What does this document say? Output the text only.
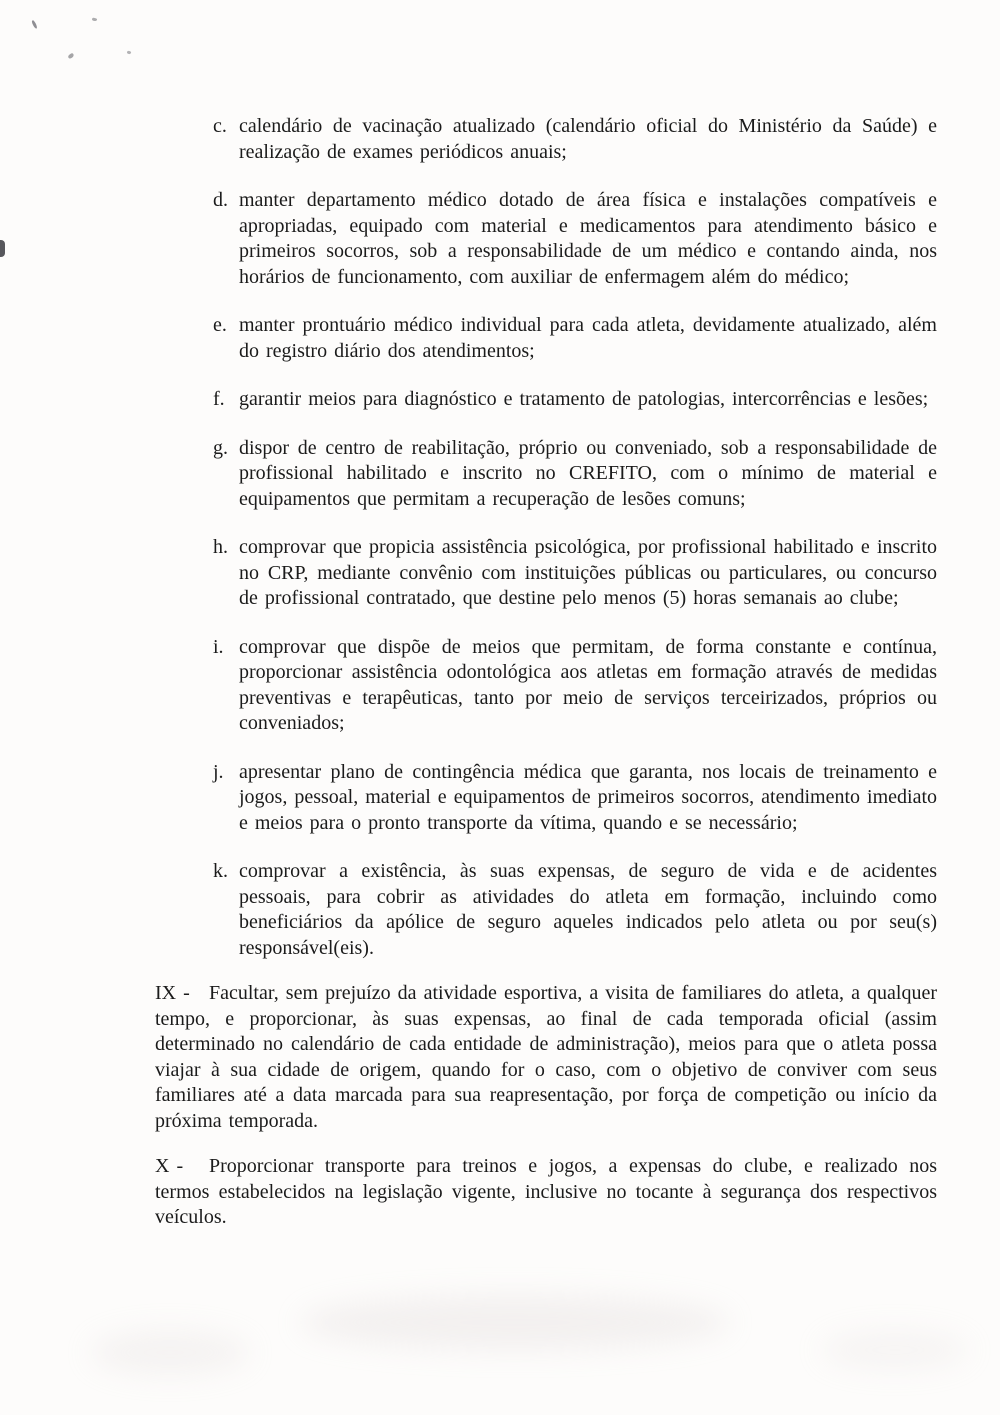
c. calendário de vacinação atualizado (calendário oficial do Ministério da Saúde) e realização de exames periódicos anuais;
d. manter departamento médico dotado de área física e instalações compatíveis e apropriadas, equipado com material e medicamentos para atendimento básico e primeiros socorros, sob a responsabilidade de um médico e contando ainda, nos horários de funcionamento, com auxiliar de enfermagem além do médico;
e. manter prontuário médico individual para cada atleta, devidamente atualizado, além do registro diário dos atendimentos;
f. garantir meios para diagnóstico e tratamento de patologias, intercorrências e lesões;
g. dispor de centro de reabilitação, próprio ou conveniado, sob a responsabilidade de profissional habilitado e inscrito no CREFITO, com o mínimo de material e equipamentos que permitam a recuperação de lesões comuns;
h. comprovar que propicia assistência psicológica, por profissional habilitado e inscrito no CRP, mediante convênio com instituições públicas ou particulares, ou concurso de profissional contratado, que destine pelo menos (5) horas semanais ao clube;
i. comprovar que dispõe de meios que permitam, de forma constante e contínua, proporcionar assistência odontológica aos atletas em formação através de medidas preventivas e terapêuticas, tanto por meio de serviços terceirizados, próprios ou conveniados;
j. apresentar plano de contingência médica que garanta, nos locais de treinamento e jogos, pessoal, material e equipamentos de primeiros socorros, atendimento imediato e meios para o pronto transporte da vítima, quando e se necessário;
k. comprovar a existência, às suas expensas, de seguro de vida e de acidentes pessoais, para cobrir as atividades do atleta em formação, incluindo como beneficiários da apólice de seguro aqueles indicados pelo atleta ou por seu(s) responsável(eis).

IX - Facultar, sem prejuízo da atividade esportiva, a visita de familiares do atleta, a qualquer tempo, e proporcionar, às suas expensas, ao final de cada temporada oficial (assim determinado no calendário de cada entidade de administração), meios para que o atleta possa viajar à sua cidade de origem, quando for o caso, com o objetivo de conviver com seus familiares até a data marcada para sua reapresentação, por força de competição ou início da próxima temporada.

X - Proporcionar transporte para treinos e jogos, a expensas do clube, e realizado nos termos estabelecidos na legislação vigente, inclusive no tocante à segurança dos respectivos veículos.
